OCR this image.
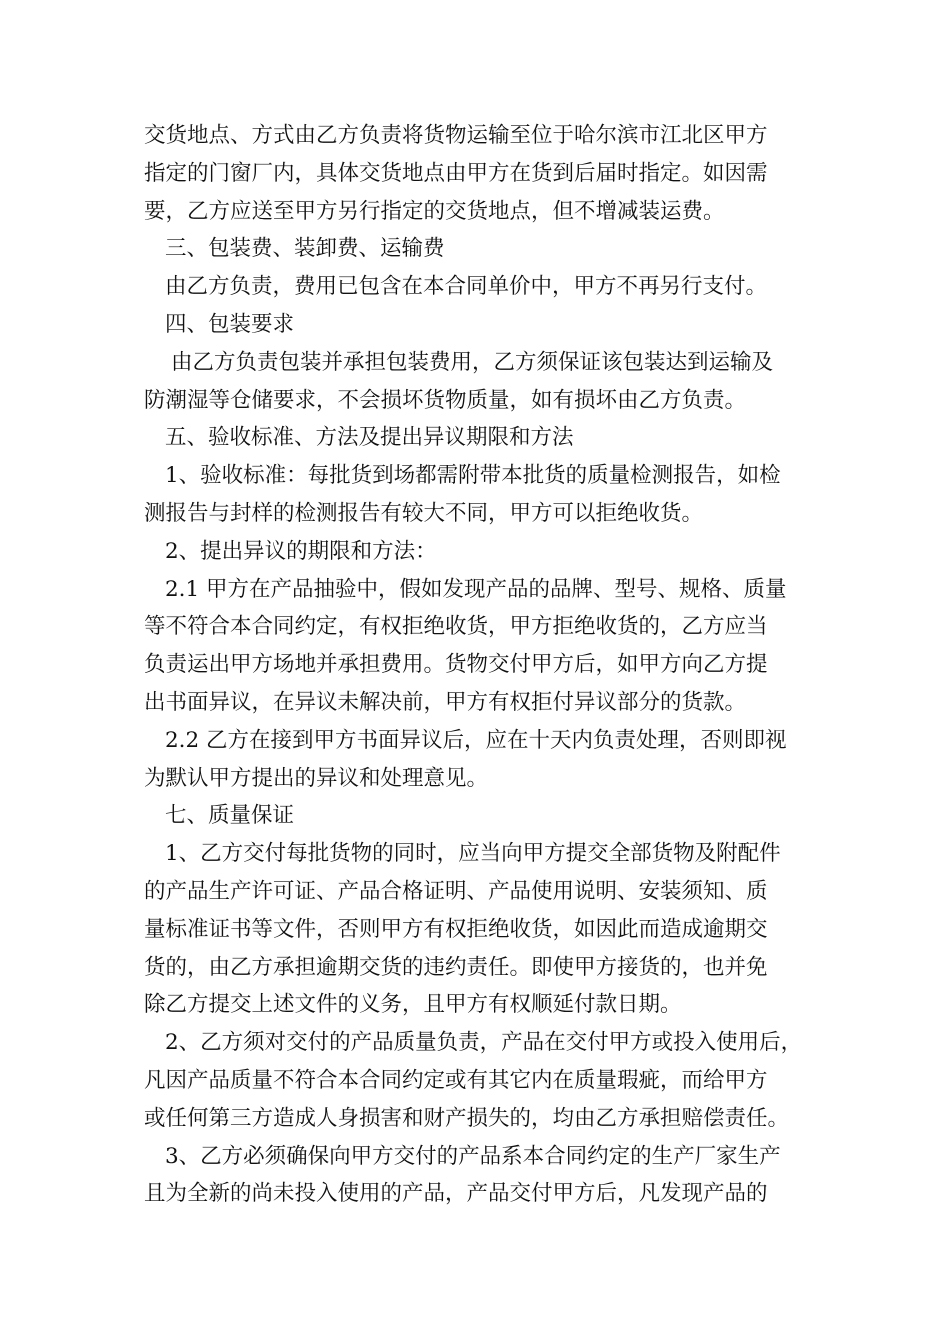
交货地点、方式由乙方负责将货物运输至位于哈尔滨市江北区甲方
指定的门窗厂内，具体交货地点由甲方在货到后届时指定。如因需
要，乙方应送至甲方另行指定的交货地点，但不增减装运费。
三、包装费、装卸费、运输费
由乙方负责，费用已包含在本合同单价中，甲方不再另行支付。
四、包装要求
由乙方负责包装并承担包装费用，乙方须保证该包装达到运输及
防潮湿等仓储要求，不会损坏货物质量，如有损坏由乙方负责。
五、验收标准、方法及提出异议期限和方法
1、验收标准：每批货到场都需附带本批货的质量检测报告，如检
测报告与封样的检测报告有较大不同，甲方可以拒绝收货。
2、提出异议的期限和方法：
2.1 甲方在产品抽验中，假如发现产品的品牌、型号、规格、质量
等不符合本合同约定，有权拒绝收货，甲方拒绝收货的，乙方应当
负责运出甲方场地并承担费用。货物交付甲方后，如甲方向乙方提
出书面异议，在异议未解决前，甲方有权拒付异议部分的货款。
2.2 乙方在接到甲方书面异议后，应在十天内负责处理，否则即视
为默认甲方提出的异议和处理意见。
七、质量保证
1、乙方交付每批货物的同时，应当向甲方提交全部货物及附配件
的产品生产许可证、产品合格证明、产品使用说明、安装须知、质
量标准证书等文件，否则甲方有权拒绝收货，如因此而造成逾期交
货的，由乙方承担逾期交货的违约责任。即使甲方接货的，也并免
除乙方提交上述文件的义务，且甲方有权顺延付款日期。
2、乙方须对交付的产品质量负责，产品在交付甲方或投入使用后，
凡因产品质量不符合本合同约定或有其它内在质量瑕疵，而给甲方
或任何第三方造成人身损害和财产损失的，均由乙方承担赔偿责任。
3、乙方必须确保向甲方交付的产品系本合同约定的生产厂家生产
且为全新的尚未投入使用的产品，产品交付甲方后，凡发现产品的
